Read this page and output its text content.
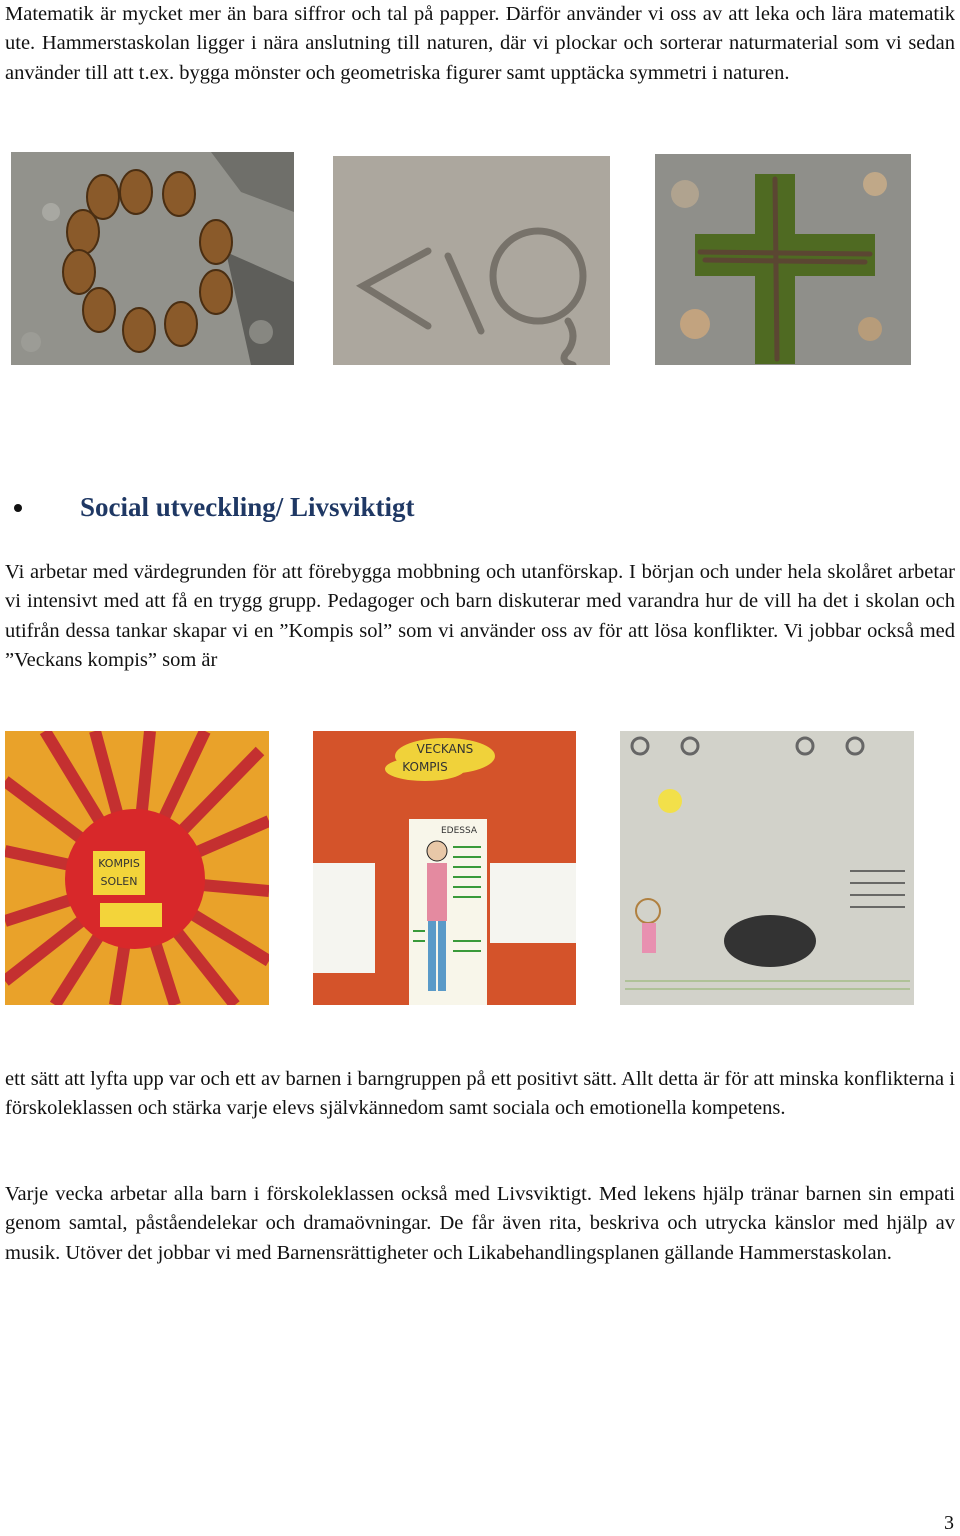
Matematik är mycket mer än bara siffror och tal på papper. Därför använder vi oss av att leka och lära matematik ute. Hammerstaskolan ligger i nära anslutning till naturen, där vi plockar och sorterar naturmaterial som vi sedan använder till att t.ex. bygga mönster och geometriska figurer samt upptäcka symmetri i naturen.

Social utveckling/ Livsviktigt

Vi arbetar med värdegrunden för att förebygga mobbning och utanförskap. I början och under hela skolåret arbetar vi intensivt med att få en trygg grupp. Pedagoger och barn diskuterar med varandra hur de vill ha det i skolan och utifrån dessa tankar skapar vi en ”Kompis sol” som vi använder oss av för att lösa konflikter. Vi jobbar också med ”Veckans kompis” som är

KOMPIS
SOLEN
VECKANS
KOMPIS
EDESSA

ett sätt att lyfta upp var och ett av barnen i barngruppen på ett positivt sätt. Allt detta är för att minska konflikterna i förskoleklassen och stärka varje elevs självkännedom samt sociala och emotionella kompetens.

Varje vecka arbetar alla barn i förskoleklassen också med Livsviktigt. Med lekens hjälp tränar barnen sin empati genom samtal, påståendelekar och dramaövningar. De får även rita, beskriva och utrycka känslor med hjälp av musik. Utöver det jobbar vi med Barnensrättigheter och Likabehandlingsplanen gällande Hammerstaskolan.

3
